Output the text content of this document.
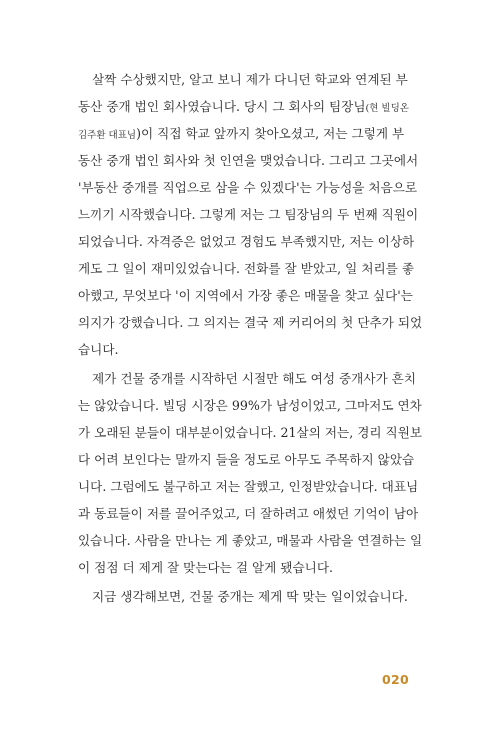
살짝 수상했지만, 알고 보니 제가 다니던 학교와 연계된 부
동산 중개 법인 회사였습니다. 당시 그 회사의 팀장님(현 빌딩온
김주환 대표님)이 직접 학교 앞까지 찾아오셨고, 저는 그렇게 부
동산 중개 법인 회사와 첫 인연을 맺었습니다. 그리고 그곳에서
'부동산 중개를 직업으로 삼을 수 있겠다'는 가능성을 처음으로
느끼기 시작했습니다. 그렇게 저는 그 팀장님의 두 번째 직원이
되었습니다. 자격증은 없었고 경험도 부족했지만, 저는 이상하
게도 그 일이 재미있었습니다. 전화를 잘 받았고, 일 처리를 좋
아했고, 무엇보다 '이 지역에서 가장 좋은 매물을 찾고 싶다'는
의지가 강했습니다. 그 의지는 결국 제 커리어의 첫 단추가 되었
습니다.
제가 건물 중개를 시작하던 시절만 해도 여성 중개사가 흔치
는 않았습니다. 빌딩 시장은 99%가 남성이었고, 그마저도 연차
가 오래된 분들이 대부분이었습니다. 21살의 저는, 경리 직원보
다 어려 보인다는 말까지 들을 정도로 아무도 주목하지 않았습
니다. 그럼에도 불구하고 저는 잘했고, 인정받았습니다. 대표님
과 동료들이 저를 끌어주었고, 더 잘하려고 애썼던 기억이 남아
있습니다. 사람을 만나는 게 좋았고, 매물과 사람을 연결하는 일
이 점점 더 제게 잘 맞는다는 걸 알게 됐습니다.
지금 생각해보면, 건물 중개는 제게 딱 맞는 일이었습니다.
020
